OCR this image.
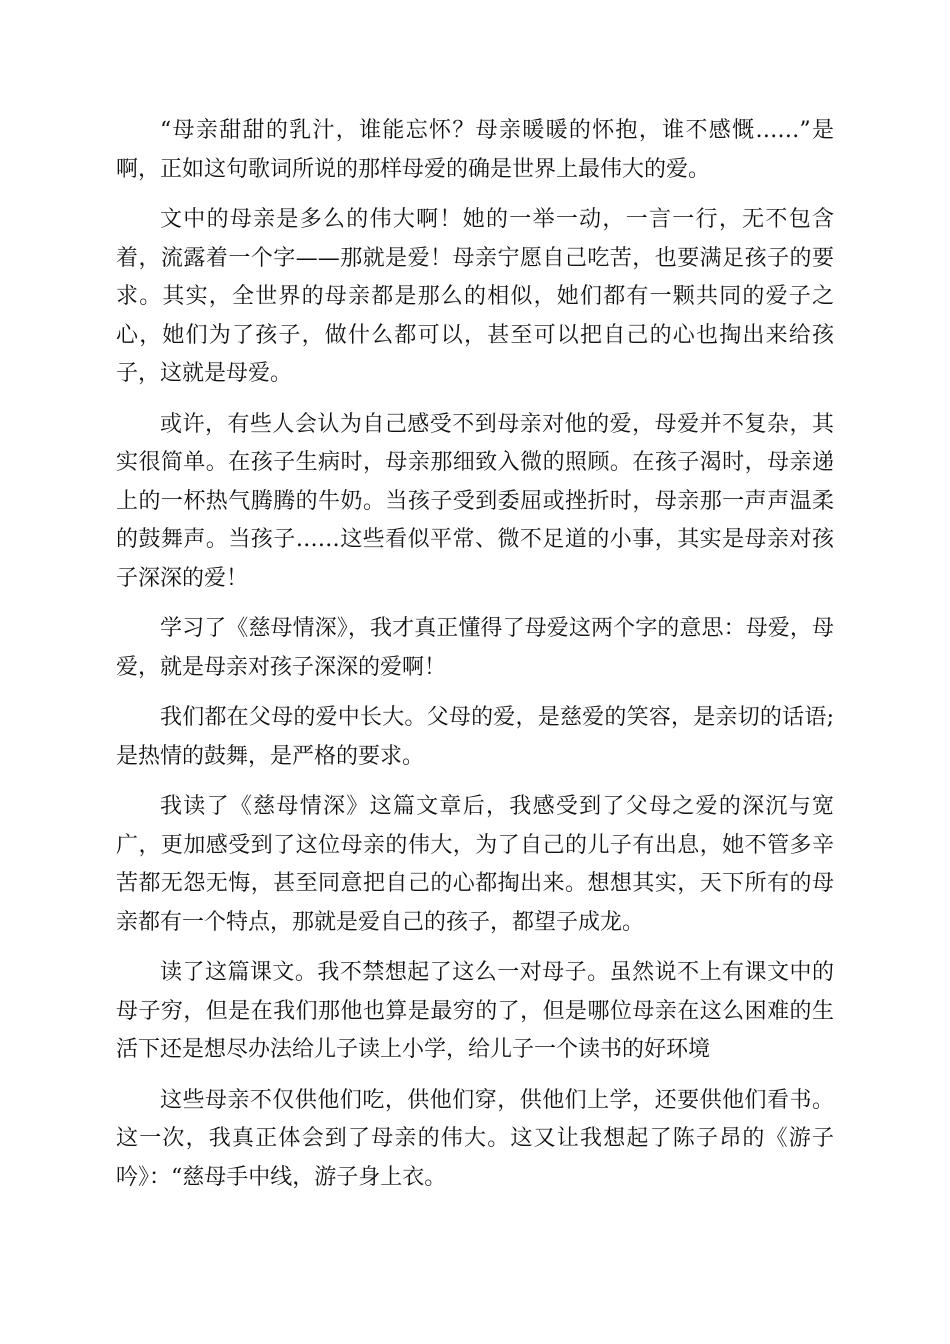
“母亲甜甜的乳汁，谁能忘怀？母亲暖暖的怀抱，谁不感慨……”是啊，正如这句歌词所说的那样母爱的确是世界上最伟大的爱。

文中的母亲是多么的伟大啊！她的一举一动，一言一行，无不包含着，流露着一个字——那就是爱！母亲宁愿自己吃苦，也要满足孩子的要求。其实，全世界的母亲都是那么的相似，她们都有一颗共同的爱子之心，她们为了孩子，做什么都可以，甚至可以把自己的心也掏出来给孩子，这就是母爱。

或许，有些人会认为自己感受不到母亲对他的爱，母爱并不复杂，其实很简单。在孩子生病时，母亲那细致入微的照顾。在孩子渴时，母亲递上的一杯热气腾腾的牛奶。当孩子受到委屈或挫折时，母亲那一声声温柔的鼓舞声。当孩子……这些看似平常、微不足道的小事，其实是母亲对孩子深深的爱！

学习了《慈母情深》，我才真正懂得了母爱这两个字的意思：母爱，母爱，就是母亲对孩子深深的爱啊！

我们都在父母的爱中长大。父母的爱，是慈爱的笑容，是亲切的话语;是热情的鼓舞，是严格的要求。

我读了《慈母情深》这篇文章后，我感受到了父母之爱的深沉与宽广，更加感受到了这位母亲的伟大，为了自己的儿子有出息，她不管多辛苦都无怨无悔，甚至同意把自己的心都掏出来。想想其实，天下所有的母亲都有一个特点，那就是爱自己的孩子，都望子成龙。

读了这篇课文。我不禁想起了这么一对母子。虽然说不上有课文中的母子穷，但是在我们那他也算是最穷的了，但是哪位母亲在这么困难的生活下还是想尽办法给儿子读上小学，给儿子一个读书的好环境

这些母亲不仅供他们吃，供他们穿，供他们上学，还要供他们看书。这一次，我真正体会到了母亲的伟大。这又让我想起了陈子昂的《游子吟》：“慈母手中线，游子身上衣。
